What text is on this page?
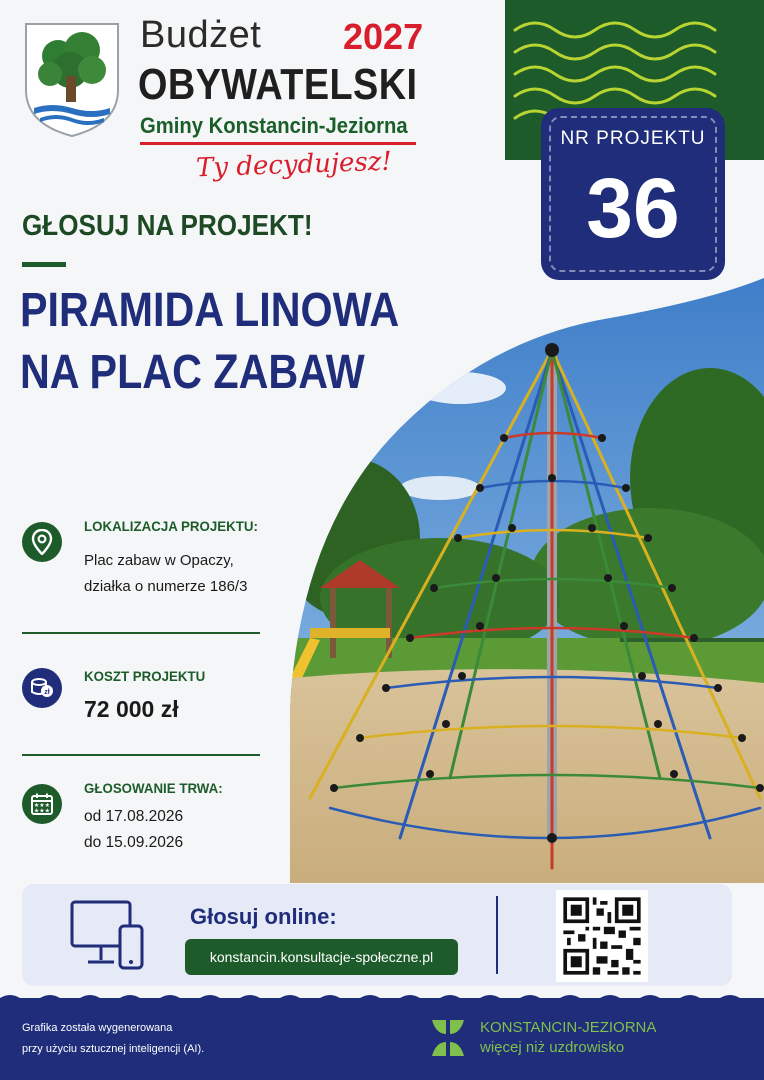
Budżet 2027
OBYWATELSKI
Gminy Konstancin-Jeziorna
Ty decydujesz!
NR PROJEKTU
36
GŁOSUJ NA PROJEKT!
PIRAMIDA LINOWA
NA PLAC ZABAW
LOKALIZACJA PROJEKTU:
Plac zabaw w Opaczy,
działka o numerze 186/3
zł
KOSZT PROJEKTU
72 000 zł
★★★
★★★
GŁOSOWANIE TRWA:
od 17.08.2026
do 15.09.2026
Głosuj online:
konstancin.konsultacje-społeczne.pl
Grafika została wygenerowana
przy użyciu sztucznej inteligencji (AI).
KONSTANCIN-JEZIORNA
więcej niż uzdrowisko
